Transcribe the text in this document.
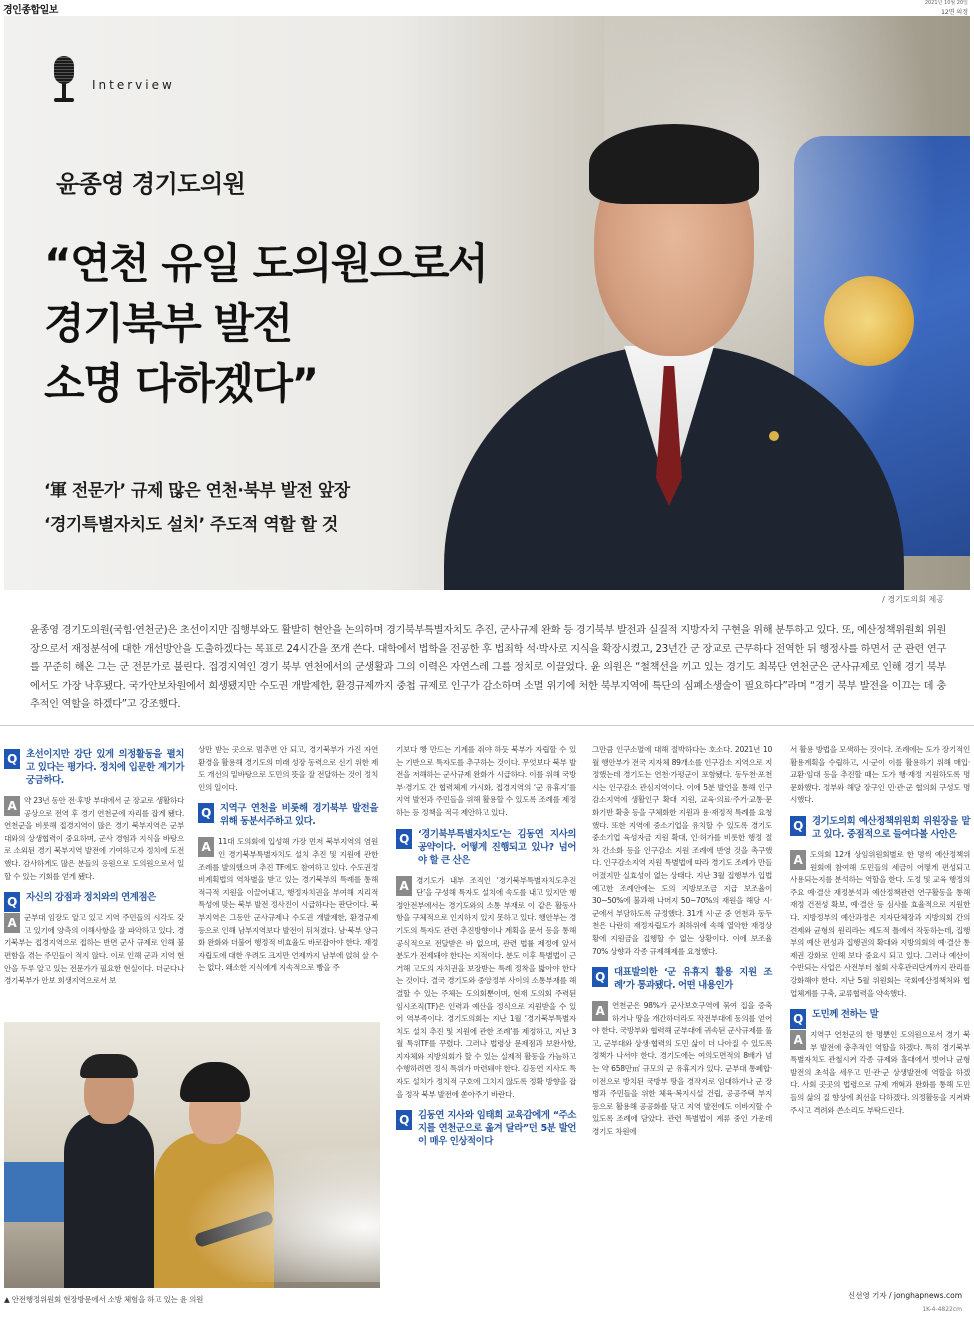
경인종합일보
2021년 10월 20일
12면 의정
Interview
윤종영 경기도의원
“연천 유일 도의원으로서
경기북부 발전
소명 다하겠다”
‘軍 전문가’ 규제 많은 연천·북부 발전 앞장
‘경기특별자치도 설치’ 주도적 역할 할 것
/ 경기도의회 제공
윤종영 경기도의원(국힘·연천군)은 초선이지만 집행부와도 활발히 현안을 논의하며 경기북부특별자치도 추진, 군사규제 완화 등 경기북부 발전과 실질적 지방자치 구현을 위해 분투하고 있다. 또, 예산정책위원회 위원장으로서 재정분석에 대한 개선방안을 도출하겠다는 목표로 24시간을 쪼개 쓴다. 대학에서 법학을 전공한 후 법죄학 석·박사로 지식을 확장시켰고, 23년간 군 장교로 근무하다 전역한 뒤 행정사를 하면서 군 관련 연구를 꾸준히 해온 그는 군 전문가로 불린다. 접경지역인 경기 북부 연천에서의 군생활과 그의 이력은 자연스레 그를 정치로 이끌었다. 윤 의원은 “철책선을 끼고 있는 경기도 최북단 연천군은 군사규제로 인해 경기 북부에서도 가장 낙후됐다. 국가안보차원에서 희생됐지만 수도권 개발제한, 환경규제까지 중첩 규제로 인구가 감소하며 소멸 위기에 처한 북부지역에 특단의 심폐소생술이 필요하다”라며 “경기 북부 발전을 이끄는 데 충추적인 역할을 하겠다”고 강조했다.
Q 초선이지만 강단 있게 의정활동을 펼치고 있다는 평가다. 정치에 입문한 계기가 궁금하다.
A 약 23년 동안 전·후방 부대에서 군 장교로 생활하다 공상으로 전역 후 경기 연천군에 자리를 잡게 됐다. 연천군을 비롯해 접경지역이 많은 경기 북부지역은 군부대와의 상생협력이 중요하며, 군사 경험과 지식을 바탕으로 소외된 경기 북부지역 발전에 기여하고자 정치에 도전했다. 감사하게도 많은 분들의 응원으로 도의원으로서 일할 수 있는 기회를 얻게 됐다.

Q 자신의 강점과 정치와의 연계점은
A 군부대 임장도 알고 있고 지역 주민들의 시각도 갖고 있기에 양측의 이해사항을 잘 파악하고 있다. 경기북부는 접경지역으로 접하는 반면 군사 규제로 인해 불편함을 겪는 주민들이 적지 않다. 이로 인해 군과 지역 현안을 두루 알고 있는 전문가가 필요한 현실이다. 더군다나 경기북부가 안보 희생지역으로서 보

상만 받는 곳으로 멈추면 안 되고, 경기북부가 가진 자연환경을 활용해 경기도의 미래 성장 동력으로 신기 위한 제도 개선의 밑바탕으로 도민의 뜻을 잘 전달하는 것이 정치인의 일이다.

Q 지역구 연천을 비롯해 경기북부 발전을 위해 동분서주하고 있다.
A 11대 도의회에 입성해 가장 먼저 북부지역의 염원인 경기북부특별자치도 설치 추진 및 지원에 관한 조례를 발의했으며 추진 TF에도 참여하고 있다. 수도권정비계획법의 역차별을 받고 있는 경기북부의 특례를 통해 적극적 지원을 이끌어내고, 행정자치권을 부여해 지리적 특성에 맞는 북부 발전 정사진이 시급하다는 판단이다. 북부지역은 그동안 군사규제나 수도권 개발제한, 환경규제 등으로 인해 남부지역보다 발전이 뒤처졌다. 남·북부 양극화 완화와 더불어 행정적 비효율도 바로잡아야 한다. 재정자립도에 대한 우려도 크지만 언제까지 남부에 얹혀 살 수는 없다. 왜소한 지식에게 지속적으로 빵을 주

기보다 빵 만드는 기계를 줘야 하듯 북부가 자립할 수 있는 기반으로 특자도를 추구하는 것이다. 무엇보다 북부 발전을 저해하는 군사규제 완화가 시급하다. 이를 위해 국방부·경기도 간 협력체계 가시화, 접경지역의 ‘군 유휴지’를 지역 발전과 주민들을 위해 활용할 수 있도록 조례를 제정하는 등 정책을 적극 제안하고 있다.

Q ‘경기북부특별자치도’는 김동연 지사의 공약이다. 어떻게 진행되고 있나? 넘어야 할 큰 산은
A 경기도가 내부 조직인 ‘경기북부특별자치도추진단’을 구성해 특자도 설치에 속도를 내고 있지만 행정안전부에서는 경기도와의 소통 부재로 이 같은 활동사항을 구체적으로 인지하지 있지 못하고 있다. 행안부는 경기도의 특자도 관련 추진방향이나 계획을 문서 등을 통해 공식적으로 전달받은 바 없으며, 관련 법률 제정에 앞서 분도가 전제돼야 한다는 지적이다. 분도 이후 특별법이 근거해 고도의 자치권을 보장받는 특례 정착을 밟아야 한다는 것이다. 결국 경기도와 중앙정부 사이의 소통부재를 해결할 수 있는 주체는 도의회뿐이며, 현재 도의회 주력된 임시조직(TF)은 인력과 예산을 정식으로 지원받을 수 있어 역부족이다. 경기도의회는 지난 1월 ‘경기북부특별자치도 설치 추진 및 지원에 관한 조례’를 제정하고, 지난 3월 특위TF를 꾸렸다. 그러나 법령상 문제점과 보완사항, 지자체와 지방의회가 할 수 있는 실제적 활동을 가늠하고 수행하려면 정식 특위가 마련돼야 한다. 김동연 지사도 특자도 설치가 정치적 구호에 그치지 않도록 정확 방향을 잡을 정작 북부 발전에 쏟아주기 바란다.

Q 김동연 지사와 임태희 교육감에게 “주소지를 연천군으로 옮겨 달라”던 5분 발언이 매우 인상적이다

그만큼 인구소멸에 대해 절박하다는 호소다. 2021년 10월 행안부가 전국 지자체 89개소를 인구감소 지역으로 지정했는데 경기도는 연천·가평군이 포함됐다. 동두천·포천시는 인구감소 관심지역이다. 이에 5분 발언을 통해 인구감소지역에 생활인구 확대 지원, 교육·의료·주거·교통·문화기반 확충 등을 구체화한 지원과 용·재정적 특례를 요청했다. 또한 지역에 중소기업을 유치할 수 있도록 경기도 중소기업 육성자금 지원 확대, 인·허가를 비롯한 행정 절차 간소화 등을 인구감소 지원 조례에 반영 것을 촉구했다. 인구감소지역 지원 특별법에 따라 경기도 조례가 만들어졌지만 실효성이 없는 상태다. 지난 3월 집행부가 입법예고한 조례안에는 도의 지방보조금 지급 보조율이 30~50%에 불과해 나머지 50~70%의 재원을 해당 시·군에서 부담하도록 규정했다. 31개 시·군 중 연천과 동두천은 나란히 재정자립도가 최하위에 속해 열악한 재정상황에 지원금을 집행할 수 없는 상황이다. 이에 보조율 70% 상향과 각종 규제해제를 요청했다.

Q 대표발의한 ‘군 유휴지 활용 지원 조례’가 통과됐다. 어떤 내용인가
A 연천군은 98%가 군사보호구역에 묶여 집을 증축하거나 땅을 개간하더라도 작전부대에 동의를 얻어야 한다. 국방부와 협력해 군부대에 귀속된 군사규제를 풀고, 군부대와 상생·협력의 도민 삶이 더 나아질 수 있도록 정책가 나서야 한다. 경기도에는 여의도면적의 8배가 넘는 약 658만㎡ 규모의 군 유휴지가 있다. 군부대 통폐합·이전으로 방치된 국방부 땅을 경작지로 임대하거나 군 장병과 주민들을 위한 체육·복지시설 건립, 공공주택 부지 등으로 활용해 공공화를 닦고 지역 발전에도 이바지할 수 있도록 조례에 담았다. 관련 특별법이 계류 중인 가운데 경기도 차원에

서 활용 방법을 모색하는 것이다. 조례에는 도가 장기적인 활용계획을 수립하고, 시·군이 이를 활용하기 위해 매입·교환·임대 등을 추진할 때는 도가 행·재정 지원하도록 명문화했다. 정부와 해당 장구인 민·관·군 협의회 구성도 명시했다.

Q 경기도의회 예산정책위원회 위원장을 맡고 있다. 중점적으로 들여다볼 사안은
A 도의회 12개 상임위원회별로 한 명씩 예산정책위원회에 참여해 도민들의 세금이 어떻게 편성되고 사용되는지를 분석하는 역할을 한다. 도정 및 교육 행정의 주요 예·결산 재정분석과 예산정책관련 연구활동을 통해 재정 건전성 확보, 예·결산 등 심사를 효율적으로 지원한다. 지방정부의 예산과정은 지자단체장과 지방의회 간의 견제와 균형의 원리라는 제도적 틀에서 작동하는데, 집행부의 예산 편성과 집행권의 확대와 지방의회의 예·결산 통제권 강화로 인해 보다 중요시 되고 있다. 그러나 예산이 수반되는 사업은 사전부터 철회 사후관리단계까지 관리를 강화해야 한다. 지난 5월 위원회는 국회예산정책처와 협업체계를 구축, 교류협력을 약속했다.

Q 도민께 전하는 말
A 지역구 연천군의 한 명뿐인 도의원으로서 경기 북부 발전에 충추적인 역할을 하겠다. 특히 경기북부특별자치도 관철시켜 각종 규제와 홀대에서 벗어나 균형발전의 초석을 세우고 민·관·군 상생발전에 역할을 하겠다. 사회 곳곳의 법령으로 규제 개혁과 완화를 통해 도민들의 삶의 질 향상에 최선을 다하겠다. 의정활동을 지켜봐주시고 격려와 쓴소리도 부탁드린다.

▲ 안전행정위원회 현장방문에서 소방 체험을 하고 있는 윤 의원	신선영 기자 / jonghapnews.com
1K-4-4822cm
